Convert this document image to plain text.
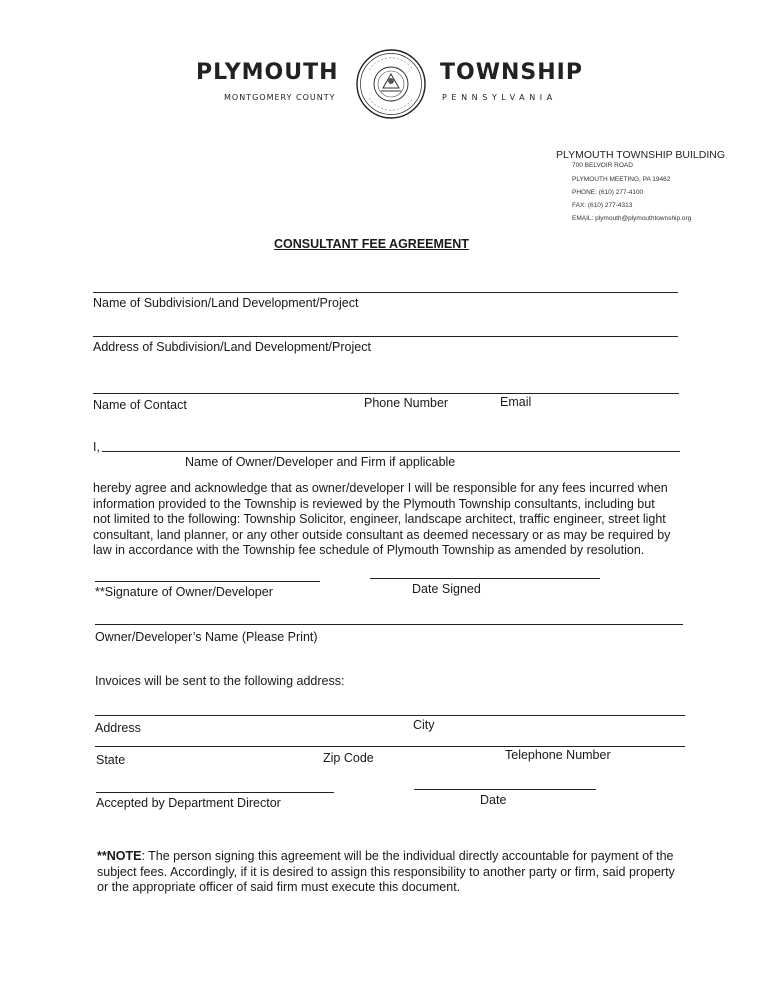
PLYMOUTH
MONTGOMERY COUNTY
TOWNSHIP
PENNSYLVANIA
PLYMOUTH TOWNSHIP BUILDING
700 BELVOIR ROAD
PLYMOUTH MEETING, PA 19462
PHONE: (610) 277-4100
FAX: (610) 277-4313
EMAIL: plymouth@plymouthtownship.org
CONSULTANT FEE AGREEMENT
Name of Subdivision/Land Development/Project
Address of Subdivision/Land Development/Project
Name of Contact	Phone Number	Email
I,
Name of Owner/Developer and Firm if applicable
hereby agree and acknowledge that as owner/developer I will be responsible for any fees incurred when
information provided to the Township is reviewed by the Plymouth Township consultants, including but
not limited to the following: Township Solicitor, engineer, landscape architect, traffic engineer, street light
consultant, land planner, or any other outside consultant as deemed necessary or as may be required by
law in accordance with the Township fee schedule of Plymouth Township as amended by resolution.
**Signature of Owner/Developer	Date Signed
Owner/Developer’s Name (Please Print)
Invoices will be sent to the following address:
Address	City
State	Zip Code	Telephone Number
Accepted by Department Director	Date
**NOTE: The person signing this agreement will be the individual directly accountable for payment of the
subject fees. Accordingly, if it is desired to assign this responsibility to another party or firm, said property
or the appropriate officer of said firm must execute this document.
